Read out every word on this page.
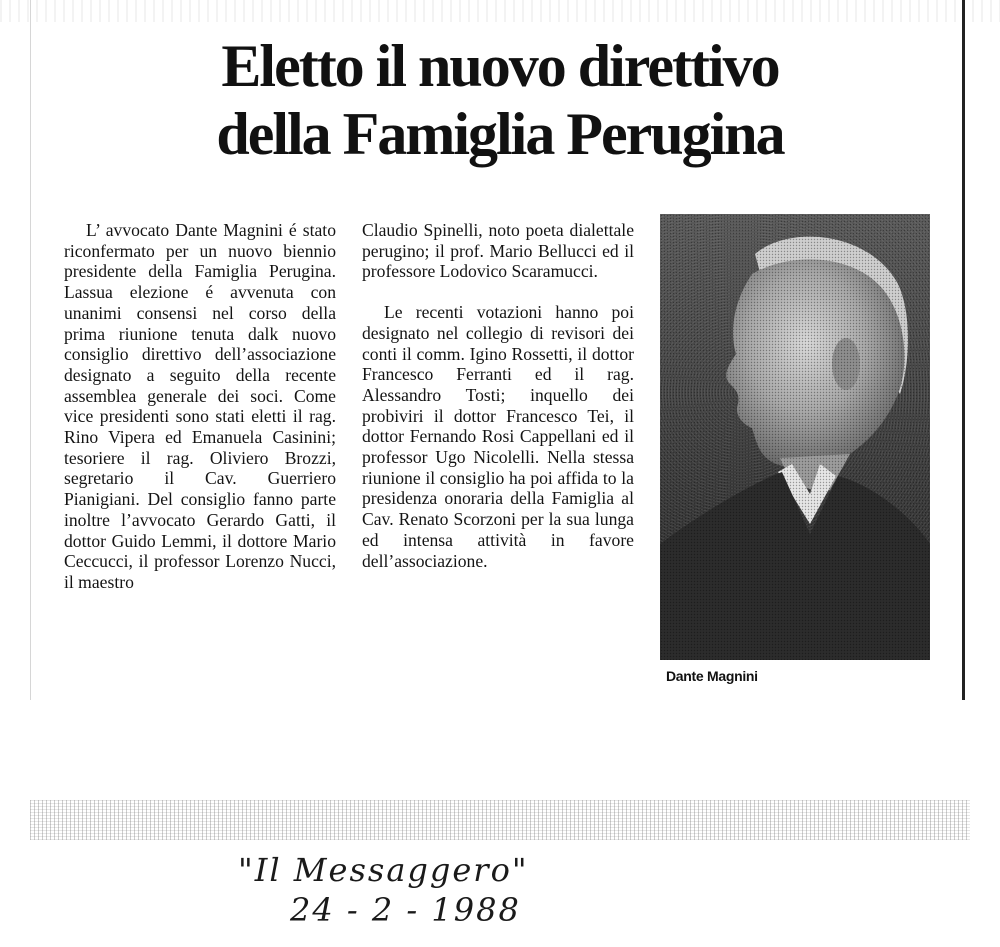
Eletto il nuovo direttivo
della Famiglia Perugina

L’ avvocato Dante Magnini é stato riconfermato per un nuovo biennio presidente della Famiglia Perugina. Lassua elezione é avvenuta con unanimi consensi nel corso della prima riunione tenuta dalk nuovo consiglio direttivo dell’associazione designato a seguito della recente assemblea generale dei soci. Come vice presidenti sono stati eletti il rag. Rino Vipera ed Emanuela Casinini; tesoriere il rag. Oliviero Brozzi, segretario il Cav. Guerriero Pianigiani. Del consiglio fanno parte inoltre l’avvocato Gerardo Gatti, il dottor Guido Lemmi, il dottore Mario Ceccucci, il professor Lorenzo Nucci, il maestro

Claudio Spinelli, noto poeta dialettale perugino; il prof. Mario Bellucci ed il professore Lodovico Scaramucci.

Le recenti votazioni hanno poi designato nel collegio di revisori dei conti il comm. Igino Rossetti, il dottor Francesco Ferranti ed il rag. Alessandro Tosti; inquello dei probiviri il dottor Francesco Tei, il dottor Fernando Rosi Cappellani ed il professor Ugo Nicolelli. Nella stessa riunione il consiglio ha poi affida to la presidenza onoraria della Famiglia al Cav. Renato Scorzoni per la sua lunga ed intensa attività in favore dell’associazione.

Dante Magnini
"Il Messaggero"
24 - 2 - 1988
